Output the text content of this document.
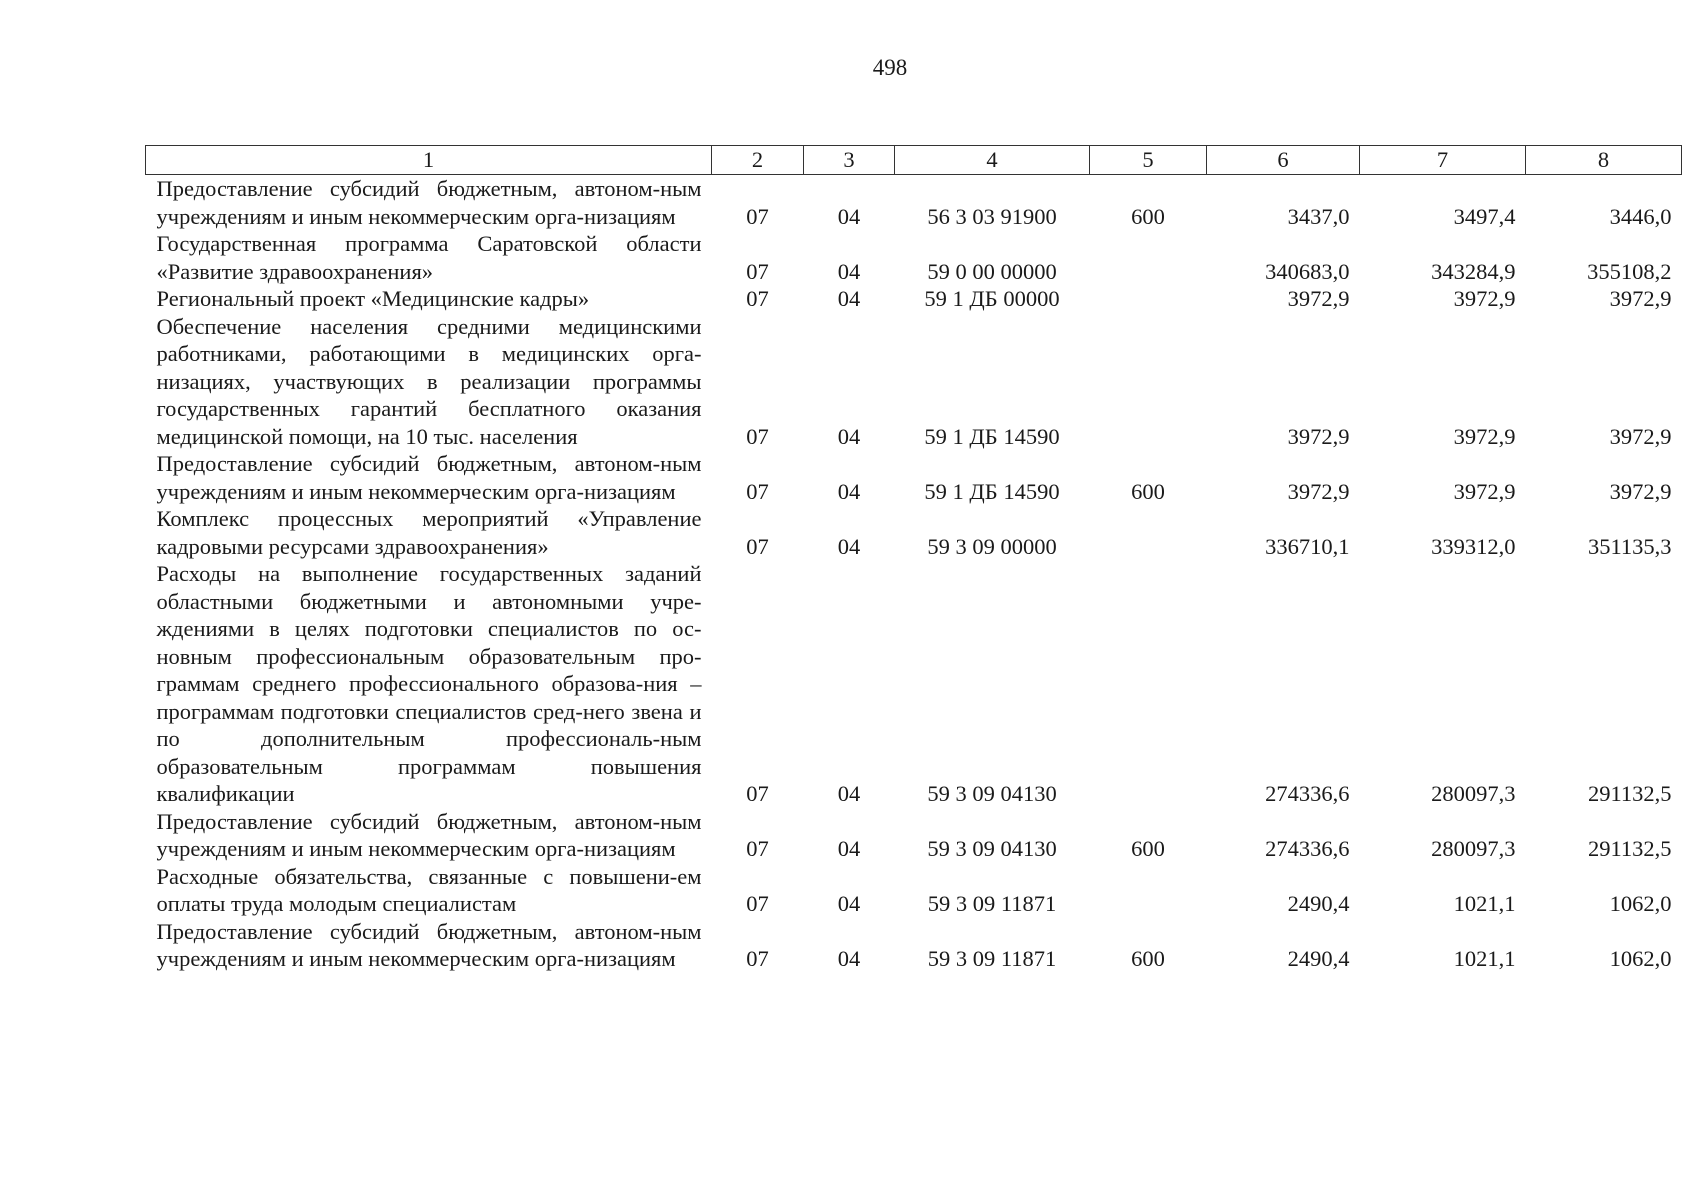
498
1	2	3	4	5	6	7	8
Предоставление субсидий бюджетным, автоном-ным учреждениям и иным некоммерческим орга-низациям	07	04	56 3 03 91900	600	3437,0	3497,4	3446,0
Государственная программа Саратовской области «Развитие здравоохранения»	07	04	59 0 00 00000		340683,0	343284,9	355108,2
Региональный проект «Медицинские кадры»	07	04	59 1 ДБ 00000		3972,9	3972,9	3972,9
Обеспечение населения средними медицинскими работниками, работающими в медицинских орга-низациях, участвующих в реализации программы государственных гарантий бесплатного оказания медицинской помощи, на 10 тыс. населения	07	04	59 1 ДБ 14590		3972,9	3972,9	3972,9
Предоставление субсидий бюджетным, автоном-ным учреждениям и иным некоммерческим орга-низациям	07	04	59 1 ДБ 14590	600	3972,9	3972,9	3972,9
Комплекс процессных мероприятий «Управление кадровыми ресурсами здравоохранения»	07	04	59 3 09 00000		336710,1	339312,0	351135,3
Расходы на выполнение государственных заданий областными бюджетными и автономными учре-ждениями в целях подготовки специалистов по ос-новным профессиональным образовательным про-граммам среднего профессионального образова-ния – программам подготовки специалистов сред-него звена и по дополнительным профессиональ-ным образовательным программам повышения квалификации	07	04	59 3 09 04130		274336,6	280097,3	291132,5
Предоставление субсидий бюджетным, автоном-ным учреждениям и иным некоммерческим орга-низациям	07	04	59 3 09 04130	600	274336,6	280097,3	291132,5
Расходные обязательства, связанные с повышени-ем оплаты труда молодым специалистам	07	04	59 3 09 11871		2490,4	1021,1	1062,0
Предоставление субсидий бюджетным, автоном-ным учреждениям и иным некоммерческим орга-низациям	07	04	59 3 09 11871	600	2490,4	1021,1	1062,0
